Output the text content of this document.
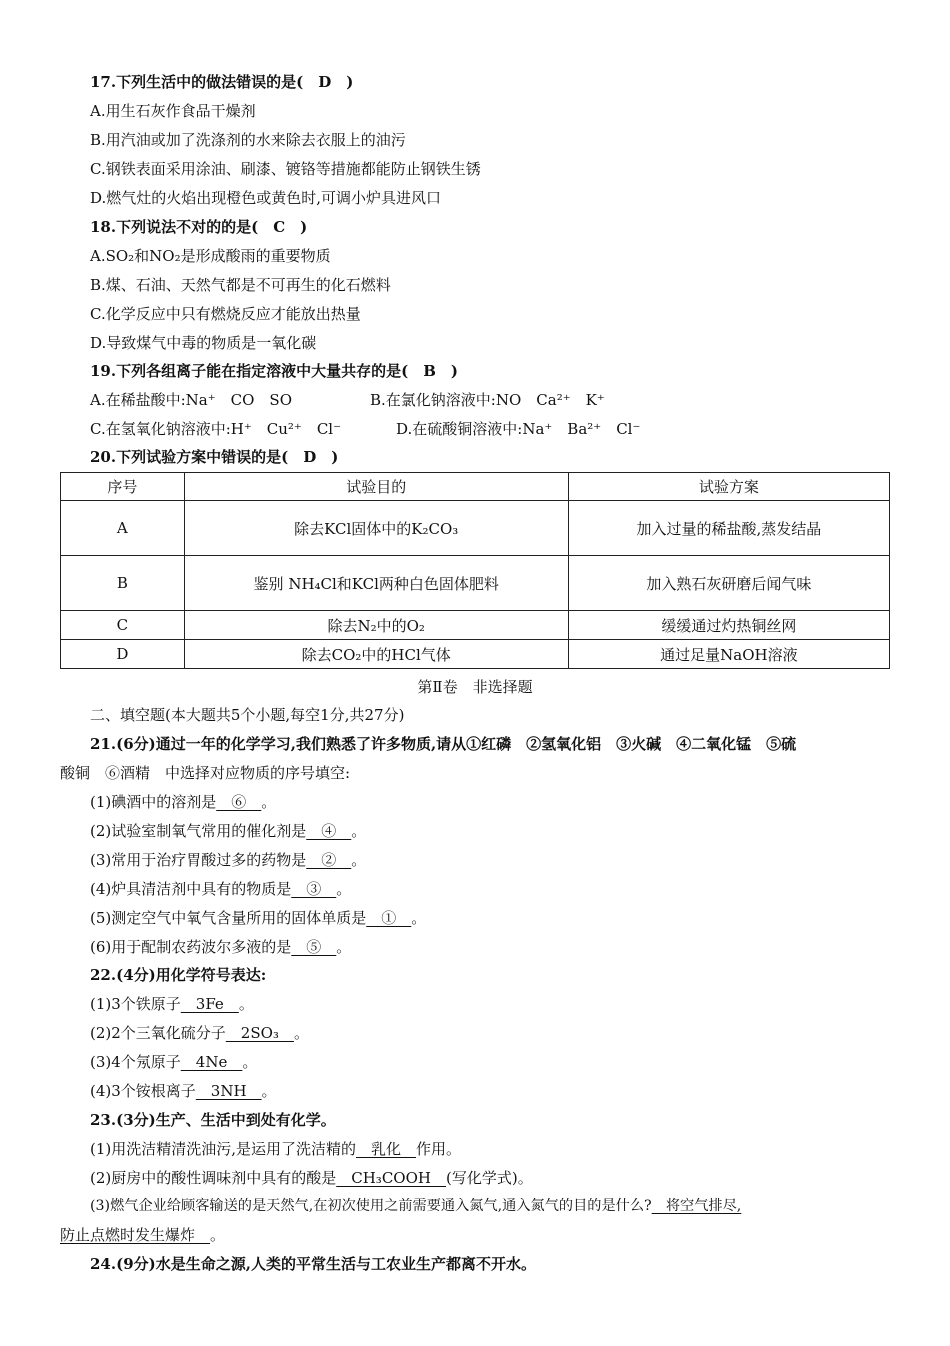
17.下列生活中的做法错误的是(　D　)
A.用生石灰作食品干燥剂
B.用汽油或加了洗涤剂的水来除去衣服上的油污
C.钢铁表面采用涂油、刷漆、镀铬等措施都能防止钢铁生锈
D.燃气灶的火焰出现橙色或黄色时,可调小炉具进风口
18.下列说法不对的的是(　C　)
A.SO₂和NO₂是形成酸雨的重要物质
B.煤、石油、天然气都是不可再生的化石燃料
C.化学反应中只有燃烧反应才能放出热量
D.导致煤气中毒的物质是一氧化碳
19.下列各组离子能在指定溶液中大量共存的是(　B　)
A.在稀盐酸中:Na⁺　CO　SO	B.在氯化钠溶液中:NO　Ca²⁺　K⁺
C.在氢氧化钠溶液中:H⁺　Cu²⁺　Cl⁻	D.在硫酸铜溶液中:Na⁺　Ba²⁺　Cl⁻
20.下列试验方案中错误的是(　D　)
序号	试验目的	试验方案
A	除去KCl固体中的K₂CO₃	加入过量的稀盐酸,蒸发结晶
B	鉴别 NH₄Cl和KCl两种白色固体肥料	加入熟石灰研磨后闻气味
C	除去N₂中的O₂	缓缓通过灼热铜丝网
D	除去CO₂中的HCl气体	通过足量NaOH溶液
第Ⅱ卷　非选择题
二、填空题(本大题共5个小题,每空1分,共27分)
21.(6分)通过一年的化学学习,我们熟悉了许多物质,请从①红磷　②氢氧化铝　③火碱　④二氧化锰　⑤硫
酸铜　⑥酒精　中选择对应物质的序号填空:
(1)碘酒中的溶剂是　⑥　。
(2)试验室制氧气常用的催化剂是　④　。
(3)常用于治疗胃酸过多的药物是　②　。
(4)炉具清洁剂中具有的物质是　③　。
(5)测定空气中氧气含量所用的固体单质是　①　。
(6)用于配制农药波尔多液的是　⑤　。
22.(4分)用化学符号表达:
(1)3个铁原子　3Fe　。
(2)2个三氧化硫分子　2SO₃　。
(3)4个氖原子　4Ne　。
(4)3个铵根离子　3NH　。
23.(3分)生产、生活中到处有化学。
(1)用洗洁精清洗油污,是运用了洗洁精的　乳化　作用。
(2)厨房中的酸性调味剂中具有的酸是　CH₃COOH　(写化学式)。
(3)燃气企业给顾客输送的是天然气,在初次使用之前需要通入氮气,通入氮气的目的是什么?　将空气排尽,
防止点燃时发生爆炸　。
24.(9分)水是生命之源,人类的平常生活与工农业生产都离不开水。
